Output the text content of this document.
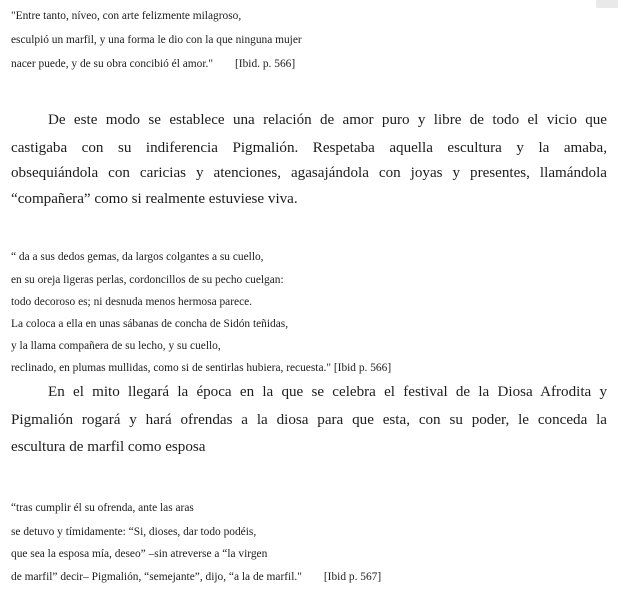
"Entre tanto, níveo, con arte felizmente milagroso,
esculpió un marfil, y una forma le dio con la que ninguna mujer
nacer puede, y de su obra concibió él amor." [Ibid. p. 566]
De este modo se establece una relación de amor puro y libre de todo el vicio que
castigaba con su indiferencia Pigmalión. Respetaba aquella escultura y la amaba,
obsequiándola con caricias y atenciones, agasajándola con joyas y presentes, llamándola
“compañera” como si realmente estuviese viva.
“ da a sus dedos gemas, da largos colgantes a su cuello,
en su oreja ligeras perlas, cordoncillos de su pecho cuelgan:
todo decoroso es; ni desnuda menos hermosa parece.
La coloca a ella en unas sábanas de concha de Sidón teñidas,
y la llama compañera de su lecho, y su cuello,
reclinado, en plumas mullidas, como si de sentirlas hubiera, recuesta." [Ibid p. 566]
En el mito llegará la época en la que se celebra el festival de la Diosa Afrodita y
Pigmalión rogará y hará ofrendas a la diosa para que esta, con su poder, le conceda la
escultura de marfil como esposa
“tras cumplir él su ofrenda, ante las aras
se detuvo y tímidamente: “Si, dioses, dar todo podéis,
que sea la esposa mía, deseo” –sin atreverse a “la virgen
de marfil” decir– Pigmalión, “semejante”, dijo, “a la de marfil." [Ibid p. 567]
